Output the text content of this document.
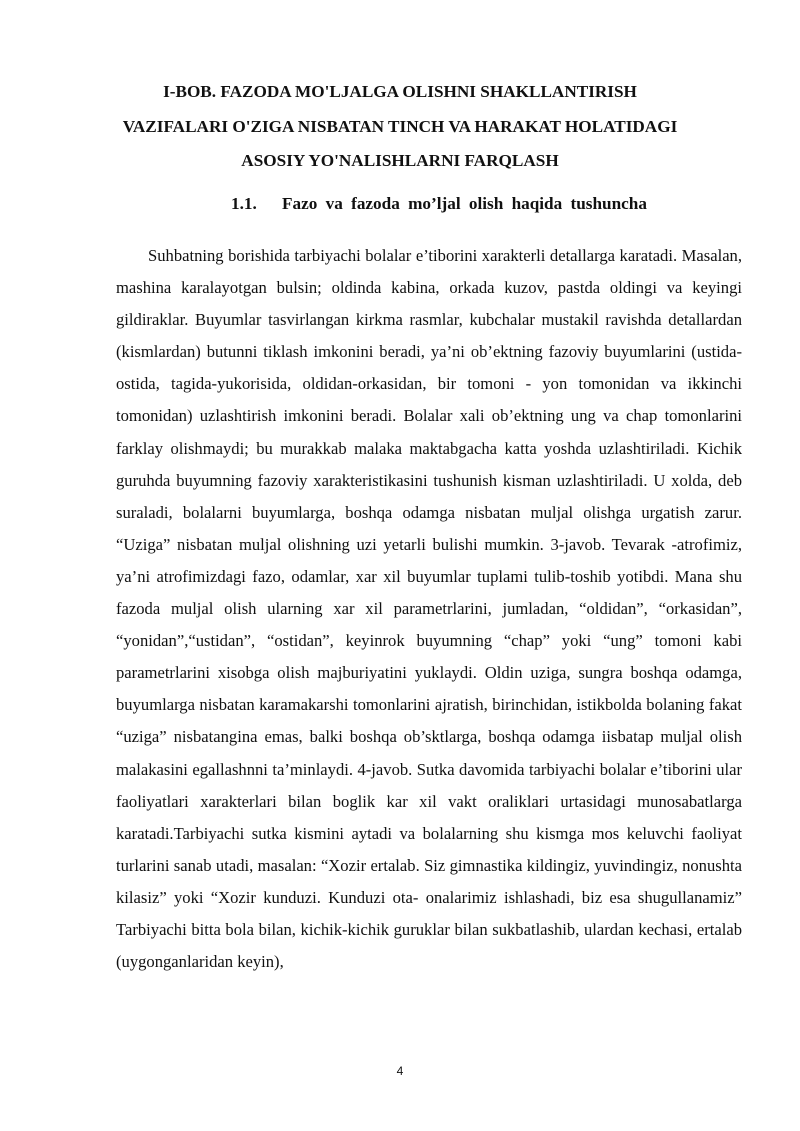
I-BOB. FAZODA MO'LJALGA OLISHNI SHAKLLANTIRISH VAZIFALARI O'ZIGA NISBATAN TINCH VA HARAKAT HOLATIDAGI ASOSIY YO'NALISHLARNI FARQLASH
1.1. Fazo va fazoda mo’ljal olish haqida tushuncha

Suhbatning borishida tarbiyachi bolalar e’tiborini xarakterli detallarga karatadi. Masalan, mashina karalayotgan bulsin; oldinda kabina, orkada kuzov, pastda oldingi va keyingi gildiraklar. Buyumlar tasvirlangan kirkma rasmlar, kubchalar mustakil ravishda detallardan (kismlardan) butunni tiklash imkonini beradi, ya’ni ob’ektning fazoviy buyumlarini (ustida-ostida, tagida-yukorisida, oldidan-orkasidan, bir tomoni - yon tomonidan va ikkinchi tomonidan) uzlashtirish imkonini beradi. Bolalar xali ob’ektning ung va chap tomonlarini farklay olishmaydi; bu murakkab malaka maktabgacha katta yoshda uzlashtiriladi. Kichik guruhda buyumning fazoviy xarakteristikasini tushunish kisman uzlashtiriladi. U xolda, deb suraladi, bolalarni buyumlarga, boshqa odamga nisbatan muljal olishga urgatish zarur. “Uziga” nisbatan muljal olishning uzi yetarli bulishi mumkin. 3-javob. Tevarak -atrofimiz, ya’ni atrofimizdagi fazo, odamlar, xar xil buyumlar tuplami tulib-toshib yotibdi. Mana shu fazoda muljal olish ularning xar xil parametrlarini, jumladan, “oldidan”, “orkasidan”, “yonidan”,“ustidan”, “ostidan”, keyinrok buyumning “chap” yoki “ung” tomoni kabi parametrlarini xisobga olish majburiyatini yuklaydi. Oldin uziga, sungra boshqa odamga, buyumlarga nisbatan karamakarshi tomonlarini ajratish, birinchidan, istikbolda bolaning fakat “uziga” nisbatangina emas, balki boshqa ob’sktlarga, boshqa odamga iisbatap muljal olish malakasini egallashnni ta’minlaydi. 4-javob. Sutka davomida tarbiyachi bolalar e’tiborini ular faoliyatlari xarakterlari bilan boglik kar xil vakt oraliklari urtasidagi munosabatlarga karatadi.Tarbiyachi sutka kismini aytadi va bolalarning shu kismga mos keluvchi faoliyat turlarini sanab utadi, masalan: “Xozir ertalab. Siz gimnastika kildingiz, yuvindingiz, nonushta kilasiz” yoki “Xozir kunduzi. Kunduzi ota- onalarimiz ishlashadi, biz esa shugullanamiz” Tarbiyachi bitta bola bilan, kichik-kichik guruklar bilan sukbatlashib, ulardan kechasi, ertalab (uygonganlaridan keyin),

4
